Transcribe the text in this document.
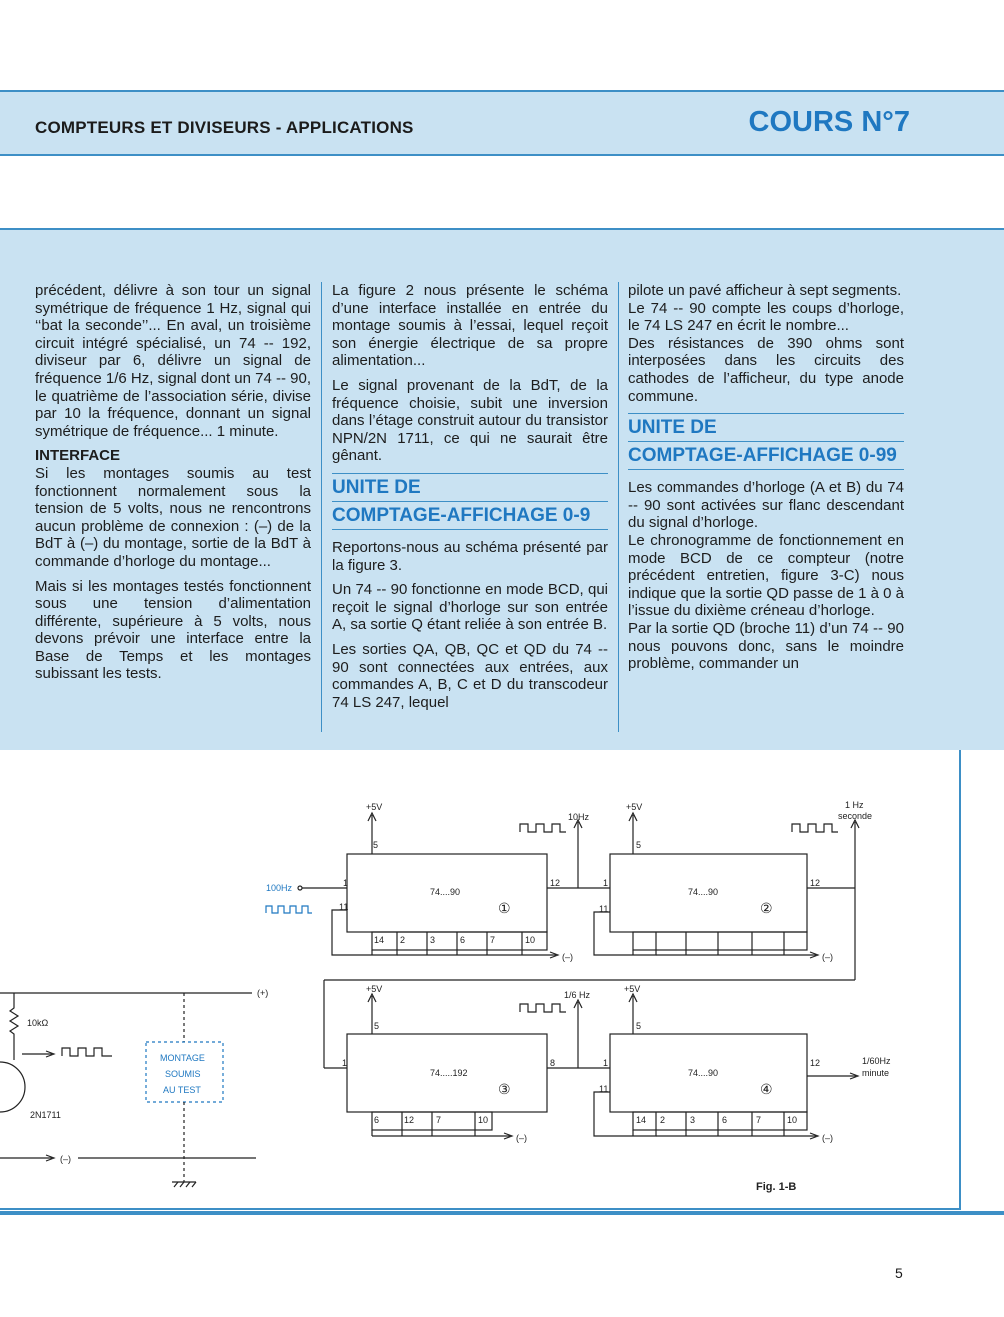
COMPTEURS ET DIVISEURS - APPLICATIONS	COURS N°7

précédent, délivre à son tour un signal symétrique de fréquence 1 Hz, signal qui ‘‘bat la seconde’’... En aval, un troisième circuit intégré spécialisé, un 74 -- 192, diviseur par 6, délivre un signal de fréquence 1/6 Hz, signal dont un 74 -- 90, le quatrième de l’association série, divise par 10 la fréquence, donnant un signal symétrique de fréquence... 1 minute.

INTERFACE

Si les montages soumis au test fonctionnent normalement sous la tension de 5 volts, nous ne rencontrons aucun problème de connexion : (–) de la BdT à (–) du montage, sortie de la BdT à commande d’horloge du montage...

Mais si les montages testés fonctionnent sous une tension d’alimentation différente, supérieure à 5 volts, nous devons prévoir une interface entre la Base de Temps et les montages subissant les tests.

La figure 2 nous présente le schéma d’une interface installée en entrée du montage soumis à l’essai, lequel reçoit son énergie électrique de sa propre alimentation...

Le signal provenant de la BdT, de la fréquence choisie, subit une inversion dans l’étage construit autour du transistor NPN/2N 1711, ce qui ne saurait être gênant.

UNITE DE
COMPTAGE-AFFICHAGE 0-9

Reportons-nous au schéma présenté par la figure 3.

Un 74 -- 90 fonctionne en mode BCD, qui reçoit le signal d’horloge sur son entrée A, sa sortie Q étant reliée à son entrée B.

Les sorties QA, QB, QC et QD du 74 -- 90 sont connectées aux entrées, aux commandes A, B, C et D du transcodeur 74 LS 247, lequel

pilote un pavé afficheur à sept segments.

Le 74 -- 90 compte les coups d’horloge, le 74 LS 247 en écrit le nombre...

Des résistances de 390 ohms sont interposées dans les circuits des cathodes de l’afficheur, du type anode commune.

UNITE DE
COMPTAGE-AFFICHAGE 0-99

Les commandes d’horloge (A et B) du 74 -- 90 sont activées sur flanc descendant du signal d’horloge.

Le chronogramme de fonctionnement en mode BCD de ce compteur (notre précédent entretien, figure 3-C) nous indique que la sortie QD passe de 1 à 0 à l’issue du dixième créneau d’horloge.

Par la sortie QD (broche 11) d’un 74 -- 90 nous pouvons donc, sans le moindre problème, commander un

74....90
①
5
1
11
12
14 2	3	6	7	10
+5V
100Hz
(–)
10Hz
74....90
②
5
1
11
12
+5V
(–)
1 Hz
seconde
74.....192
③
5
1	8
6	12 7	10
+5V
(–)
1/6 Hz
74....90
④
5
1
11
12
14 2	3	6	7	10
+5V
(–)
1/60Hz
minute
(+)
10kΩ
2N1711
(–)
MONTAGE
SOUMIS
AU TEST
Fig. 1-B
5
